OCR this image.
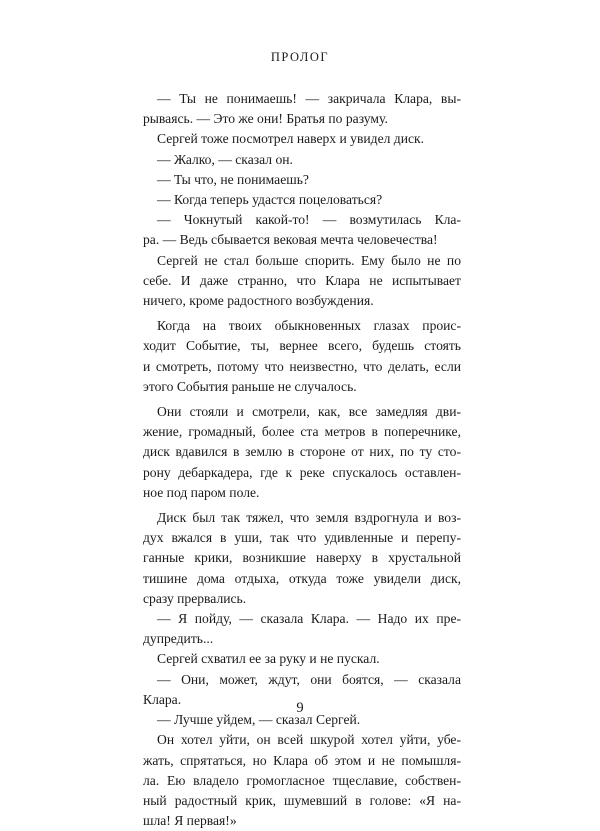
ПРОЛОГ

— Ты не понимаешь! — закричала Клара, вы-

рываясь. — Это же они! Братья по разуму.

Сергей тоже посмотрел наверх и увидел диск.

— Жалко, — сказал он.

— Ты что, не понимаешь?

— Когда теперь удастся поцеловаться?

— Чокнутый какой-то! — возмутилась Кла-

ра. — Ведь сбывается вековая мечта человечества!

Сергей не стал больше спорить. Ему было не по

себе. И даже странно, что Клара не испытывает

ничего, кроме радостного возбуждения.

Когда на твоих обыкновенных глазах проис-

ходит Событие, ты, вернее всего, будешь стоять

и смотреть, потому что неизвестно, что делать, если

этого События раньше не случалось.

Они стояли и смотрели, как, все замедляя дви-

жение, громадный, более ста метров в поперечнике,

диск вдавился в землю в стороне от них, по ту сто-

рону дебаркадера, где к реке спускалось оставлен-

ное под паром поле.

Диск был так тяжел, что земля вздрогнула и воз-

дух вжался в уши, так что удивленные и перепу-

ганные крики, возникшие наверху в хрустальной

тишине дома отдыха, откуда тоже увидели диск,

сразу прервались.

— Я пойду, — сказала Клара. — Надо их пре-

дупредить...

Сергей схватил ее за руку и не пускал.

— Они, может, ждут, они боятся, — сказала

Клара.

— Лучше уйдем, — сказал Сергей.

Он хотел уйти, он всей шкурой хотел уйти, убе-

жать, спрятаться, но Клара об этом и не помышля-

ла. Ею владело громогласное тщеславие, собствен-

ный радостный крик, шумевший в голове: «Я на-

шла! Я первая!»

9
